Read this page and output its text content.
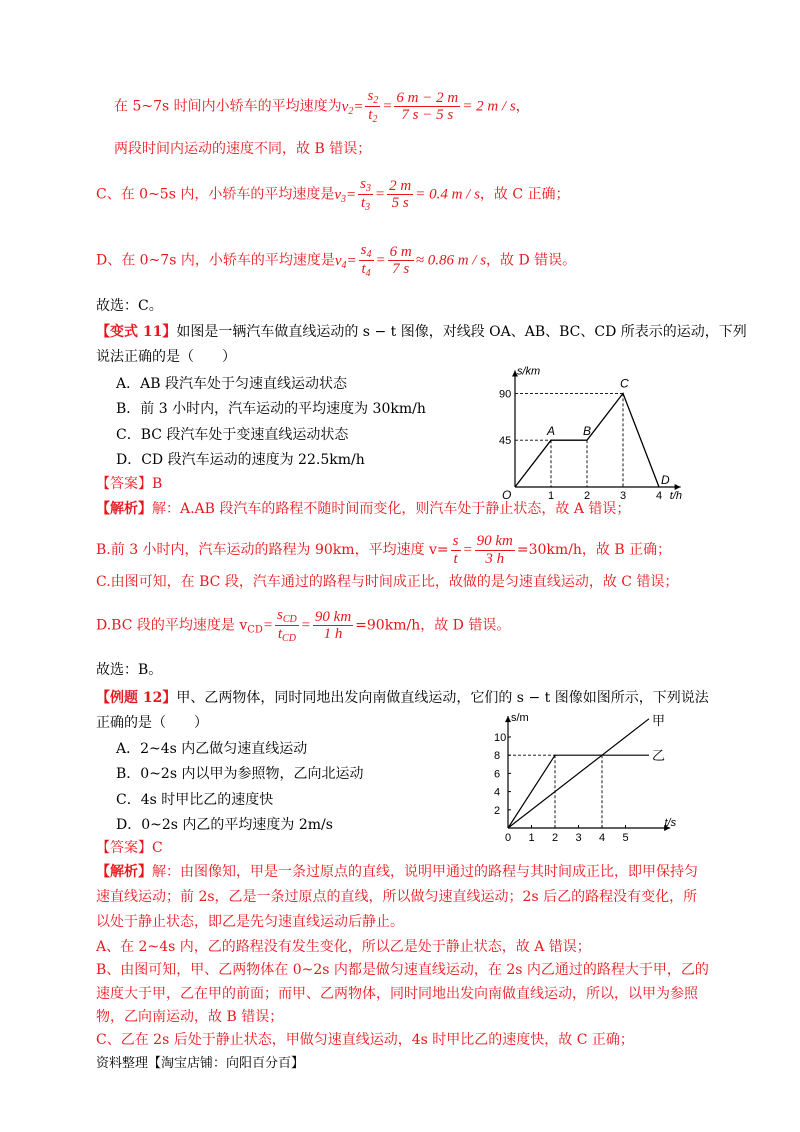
在 5~7s 时间内小轿车的平均速度为$v_2= \frac{s_2}{t_2} = \frac{6 m - 2 m}{7 s - 5 s} = 2$ m / s，
两段时间内运动的速度不同，故 B 错误；
C、在 0~5s 内，小轿车的平均速度是$v_3= \frac{s_3}{t_3} = \frac{2 m}{5 s} = 0.4$ m / s，故 C 正确；
D、在 0~7s 内，小轿车的平均速度是$v_4= \frac{s_4}{t_4} = \frac{6 m}{7 s} \approx 0.86$ m / s，故 D 错误。
故选：C。
【变式 11】如图是一辆汽车做直线运动的 s − t 图像，对线段 OA、AB、BC、CD 所表示的运动，下列
说法正确的是（　　）
A．AB 段汽车处于匀速直线运动状态
B．前 3 小时内，汽车运动的平均速度为 30km/h
C．BC 段汽车处于变速直线运动状态
D．CD 段汽车运动的速度为 22.5km/h
【答案】B
s/km
t/h
O	1	2	3	4
45
90
A B
C
D
【解析】解：A.AB 段汽车的路程不随时间而变化，则汽车处于静止状态，故 A 错误；
B.前 3 小时内，汽车运动的路程为 90km，平均速度 $v= \frac{s}{t} = \frac{90 km}{3 h} =30km/h$，故 B 正确；
C.由图可知，在 BC 段，汽车通过的路程与时间成正比，故做的是匀速直线运动，故 C 错误；
D.BC 段的平均速度是 $v_{CD}= \frac{s_{CD}}{t_{CD}} = \frac{90 km}{1 h} =90km/h$，故 D 错误。
故选：B。
【例题 12】甲、乙两物体，同时同地出发向南做直线运动，它们的 s − t 图像如图所示，下列说法
正确的是（　　）
A．2~4s 内乙做匀速直线运动
B．0~2s 内以甲为参照物，乙向北运动
C．4s 时甲比乙的速度快
D．0~2s 内乙的平均速度为 2m/s
【答案】C
s/m
t/s
0 1 2 3 4 5
2
4
6
8
10
甲
乙
【解析】解：由图像知，甲是一条过原点的直线，说明甲通过的路程与其时间成正比，即甲保持匀
速直线运动；前 2s，乙是一条过原点的直线，所以做匀速直线运动；2s 后乙的路程没有变化，所
以处于静止状态，即乙是先匀速直线运动后静止。
A、在 2~4s 内，乙的路程没有发生变化，所以乙是处于静止状态，故 A 错误；
B、由图可知，甲、乙两物体在 0~2s 内都是做匀速直线运动，在 2s 内乙通过的路程大于甲，乙的
速度大于甲，乙在甲的前面；而甲、乙两物体，同时同地出发向南做直线运动，所以，以甲为参照
物，乙向南运动，故 B 错误；
C、乙在 2s 后处于静止状态，甲做匀速直线运动，4s 时甲比乙的速度快，故 C 正确；
资料整理【淘宝店铺：向阳百分百】
